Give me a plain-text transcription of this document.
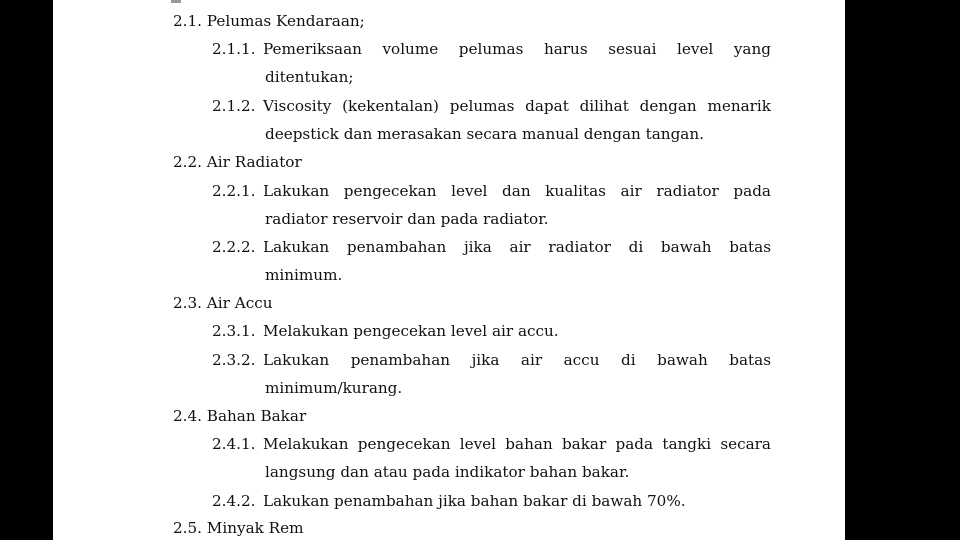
2.1. Pelumas Kendaraan;
2.1.1. Pemeriksaan volume pelumas harus sesuai level yang
ditentukan;
2.1.2. Viscosity (kekentalan) pelumas dapat dilihat dengan menarik
deepstick dan merasakan secara manual dengan tangan.
2.2. Air Radiator
2.2.1. Lakukan pengecekan level dan kualitas air radiator pada
radiator reservoir dan pada radiator.
2.2.2. Lakukan penambahan jika air radiator di bawah batas
minimum.
2.3. Air Accu
2.3.1. Melakukan pengecekan level air accu.
2.3.2. Lakukan penambahan jika air accu di bawah batas
minimum/kurang.
2.4. Bahan Bakar
2.4.1. Melakukan pengecekan level bahan bakar pada tangki secara
langsung dan atau pada indikator bahan bakar.
2.4.2. Lakukan penambahan jika bahan bakar di bawah 70%.
2.5. Minyak Rem
